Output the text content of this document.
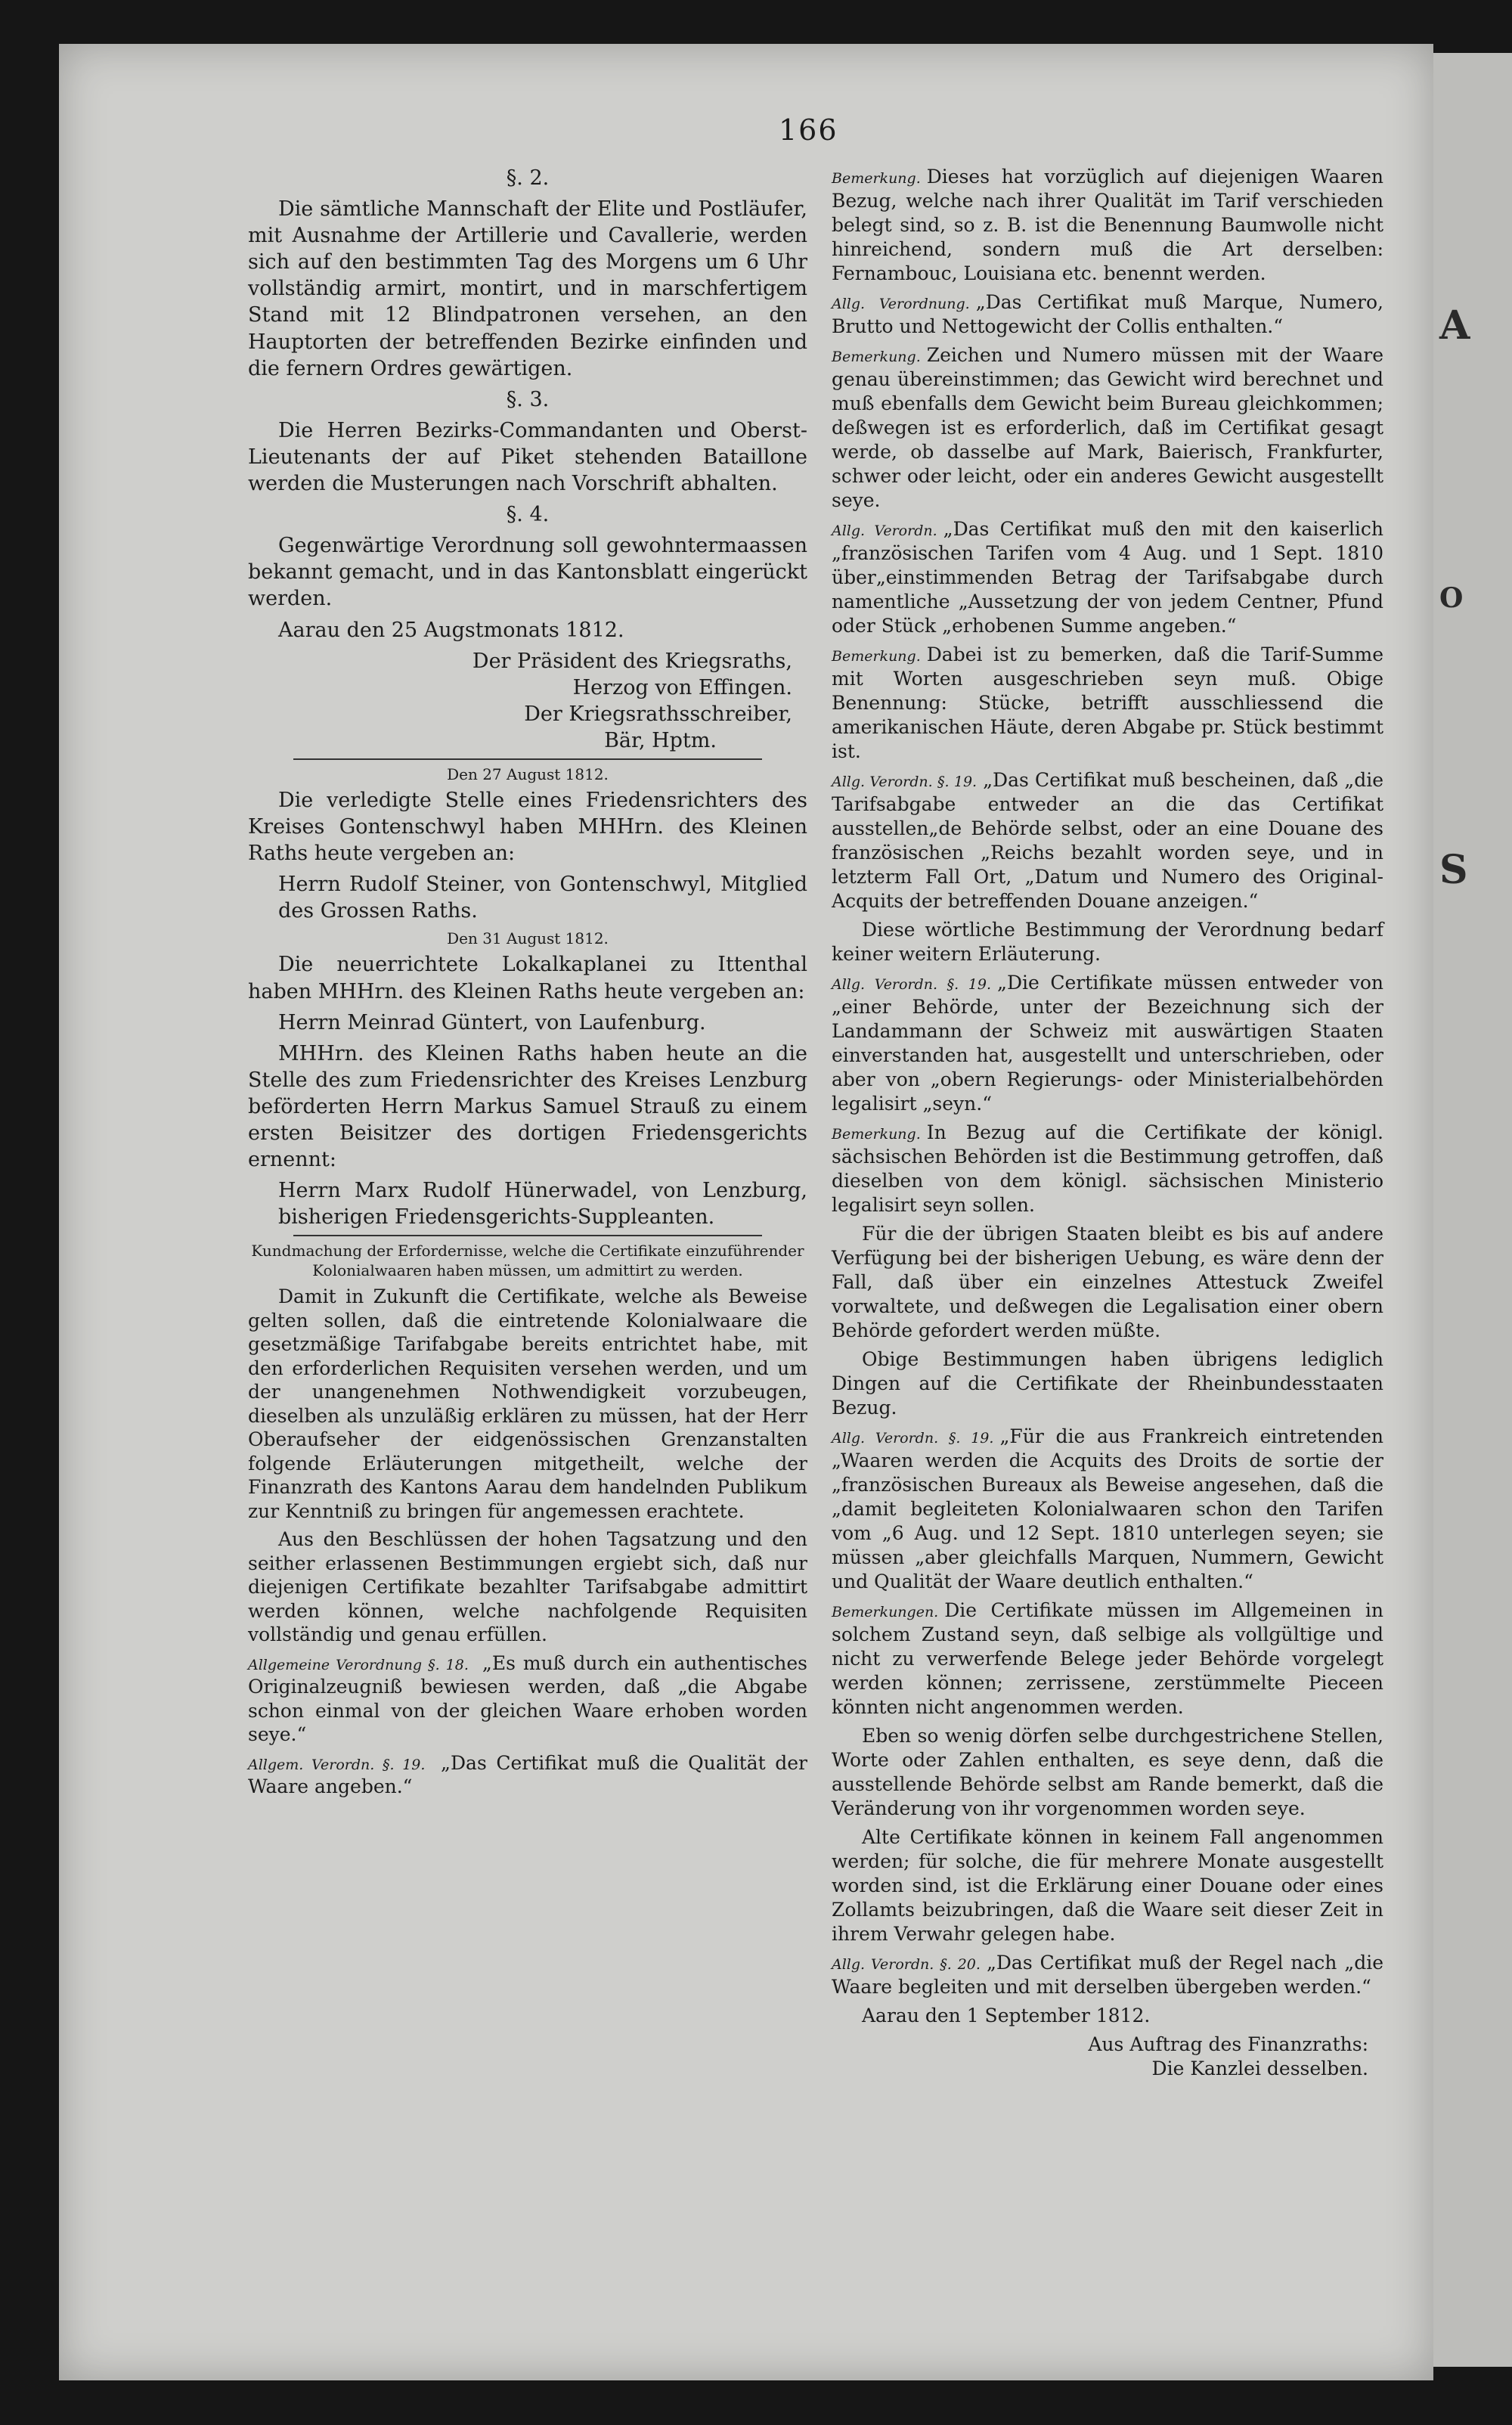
A
O
S
166
§. 2.

Die sämtliche Mannschaft der Elite und Postläufer, mit Ausnahme der Artillerie und Cavallerie, werden sich auf den bestimmten Tag des Morgens um 6 Uhr vollständig armirt, montirt, und in marschfertigem Stand mit 12 Blindpatronen versehen, an den Hauptorten der betreffenden Bezirke einfinden und die fernern Ordres gewärtigen.

§. 3.

Die Herren Bezirks-Commandanten und Oberst-Lieutenants der auf Piket stehenden Bataillone werden die Musterungen nach Vorschrift abhalten.

§. 4.

Gegenwärtige Verordnung soll gewohntermaassen bekannt gemacht, und in das Kantonsblatt eingerückt werden.

Aarau den 25 Augstmonats 1812.

Der Präsident des Kriegsraths,
Herzog von Effingen.
Der Kriegsrathsschreiber,
Bär, Hptm.
Den 27 August 1812.

Die verledigte Stelle eines Friedensrichters des Kreises Gontenschwyl haben MHHrn. des Kleinen Raths heute vergeben an:

Herrn Rudolf Steiner, von Gontenschwyl, Mitglied des Grossen Raths.

Den 31 August 1812.

Die neuerrichtete Lokalkaplanei zu Ittenthal haben MHHrn. des Kleinen Raths heute vergeben an:

Herrn Meinrad Güntert, von Laufenburg.

MHHrn. des Kleinen Raths haben heute an die Stelle des zum Friedensrichter des Kreises Lenzburg beförderten Herrn Markus Samuel Strauß zu einem ersten Beisitzer des dortigen Friedensgerichts ernennt:

Herrn Marx Rudolf Hünerwadel, von Lenzburg, bisherigen Friedensgerichts-Suppleanten.

Kundmachung der Erfordernisse, welche die Certifikate einzuführender Kolonialwaaren haben müssen, um admittirt zu werden.

Damit in Zukunft die Certifikate, welche als Beweise gelten sollen, daß die eintretende Kolonialwaare die gesetzmäßige Tarifabgabe bereits entrichtet habe, mit den erforderlichen Requisiten versehen werden, und um der unangenehmen Nothwendigkeit vorzubeugen, dieselben als unzuläßig erklären zu müssen, hat der Herr Oberaufseher der eidgenössischen Grenzanstalten folgende Erläuterungen mitgetheilt, welche der Finanzrath des Kantons Aarau dem handelnden Publikum zur Kenntniß zu bringen für angemessen erachtete.

Aus den Beschlüssen der hohen Tagsatzung und den seither erlassenen Bestimmungen ergiebt sich, daß nur diejenigen Certifikate bezahlter Tarifsabgabe admittirt werden können, welche nachfolgende Requisiten vollständig und genau erfüllen.

Allgemeine Verordnung §. 18. „Es muß durch ein authentisches Originalzeugniß bewiesen werden, daß „die Abgabe schon einmal von der gleichen Waare erhoben worden seye.“

Allgem. Verordn. §. 19. „Das Certifikat muß die Qualität der Waare angeben.“

Bemerkung. Dieses hat vorzüglich auf diejenigen Waaren Bezug, welche nach ihrer Qualität im Tarif verschieden belegt sind, so z. B. ist die Benennung Baumwolle nicht hinreichend, sondern muß die Art derselben: Fernambouc, Louisiana etc. benennt werden.

Allg. Verordnung. „Das Certifikat muß Marque, Numero, Brutto und Nettogewicht der Collis enthalten.“

Bemerkung. Zeichen und Numero müssen mit der Waare genau übereinstimmen; das Gewicht wird berechnet und muß ebenfalls dem Gewicht beim Bureau gleichkommen; deßwegen ist es erforderlich, daß im Certifikat gesagt werde, ob dasselbe auf Mark, Baierisch, Frankfurter, schwer oder leicht, oder ein anderes Gewicht ausgestellt seye.

Allg. Verordn. „Das Certifikat muß den mit den kaiserlich „französischen Tarifen vom 4 Aug. und 1 Sept. 1810 über„einstimmenden Betrag der Tarifsabgabe durch namentliche „Aussetzung der von jedem Centner, Pfund oder Stück „erhobenen Summe angeben.“

Bemerkung. Dabei ist zu bemerken, daß die Tarif-Summe mit Worten ausgeschrieben seyn muß. Obige Benennung: Stücke, betrifft ausschliessend die amerikanischen Häute, deren Abgabe pr. Stück bestimmt ist.

Allg. Verordn. §. 19. „Das Certifikat muß bescheinen, daß „die Tarifsabgabe entweder an die das Certifikat ausstellen„de Behörde selbst, oder an eine Douane des französischen „Reichs bezahlt worden seye, und in letzterm Fall Ort, „Datum und Numero des Original-Acquits der betreffenden Douane anzeigen.“

Diese wörtliche Bestimmung der Verordnung bedarf keiner weitern Erläuterung.

Allg. Verordn. §. 19. „Die Certifikate müssen entweder von „einer Behörde, unter der Bezeichnung sich der Landammann der Schweiz mit auswärtigen Staaten einverstanden hat, ausgestellt und unterschrieben, oder aber von „obern Regierungs- oder Ministerialbehörden legalisirt „seyn.“

Bemerkung. In Bezug auf die Certifikate der königl. sächsischen Behörden ist die Bestimmung getroffen, daß dieselben von dem königl. sächsischen Ministerio legalisirt seyn sollen.

Für die der übrigen Staaten bleibt es bis auf andere Verfügung bei der bisherigen Uebung, es wäre denn der Fall, daß über ein einzelnes Attestuck Zweifel vorwaltete, und deßwegen die Legalisation einer obern Behörde gefordert werden müßte.

Obige Bestimmungen haben übrigens lediglich Dingen auf die Certifikate der Rheinbundesstaaten Bezug.

Allg. Verordn. §. 19. „Für die aus Frankreich eintretenden „Waaren werden die Acquits des Droits de sortie der „französischen Bureaux als Beweise angesehen, daß die „damit begleiteten Kolonialwaaren schon den Tarifen vom „6 Aug. und 12 Sept. 1810 unterlegen seyen; sie müssen „aber gleichfalls Marquen, Nummern, Gewicht und Qualität der Waare deutlich enthalten.“

Bemerkungen. Die Certifikate müssen im Allgemeinen in solchem Zustand seyn, daß selbige als vollgültige und nicht zu verwerfende Belege jeder Behörde vorgelegt werden können; zerrissene, zerstümmelte Pieceen könnten nicht angenommen werden.

Eben so wenig dörfen selbe durchgestrichene Stellen, Worte oder Zahlen enthalten, es seye denn, daß die ausstellende Behörde selbst am Rande bemerkt, daß die Veränderung von ihr vorgenommen worden seye.

Alte Certifikate können in keinem Fall angenommen werden; für solche, die für mehrere Monate ausgestellt worden sind, ist die Erklärung einer Douane oder eines Zollamts beizubringen, daß die Waare seit dieser Zeit in ihrem Verwahr gelegen habe.

Allg. Verordn. §. 20. „Das Certifikat muß der Regel nach „die Waare begleiten und mit derselben übergeben werden.“

Aarau den 1 September 1812.

Aus Auftrag des Finanzraths:
Die Kanzlei desselben.
